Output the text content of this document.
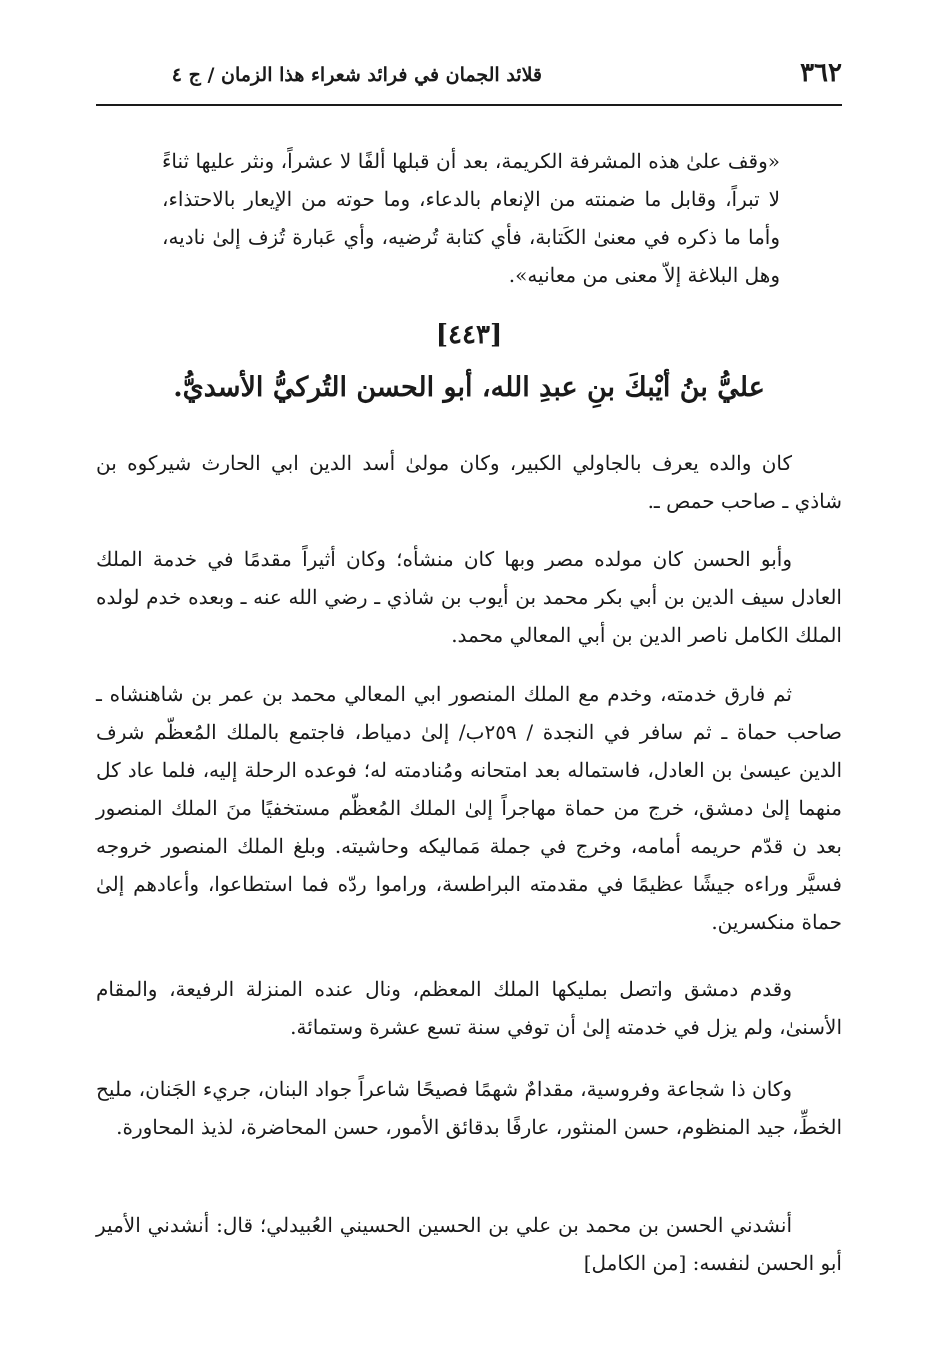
٣٦٢
قلائد الجمان في فرائد شعراء هذا الزمان / ج ٤
«وقف علىٰ هذه المشرفة الكريمة، بعد أن قبلها ألفًا لا عشراً، ونثر عليها ثناءً لا تبراً، وقابل ما ضمنته من الإنعام بالدعاء، وما حوته من الإيعار بالاحتذاء، وأما ما ذكره في معنىٰ الكَتابة، فأي كتابة تُرضيه، وأي عَبارة تُزف إلىٰ ناديه، وهل البلاغة إلاّ معنى من معانيه».
[٤٤٣]
عليُّ بنُ أيْبكَ بنِ عبدِ الله، أبو الحسن التُركيُّ الأسديُّ.
كان والده يعرف بالجاولي الكبير، وكان مولىٰ أسد الدين ابي الحارث شيركوه بن شاذي ـ صاحب حمص ـ.
وأبو الحسن كان مولده مصر وبها كان منشأه؛ وكان أثيراً مقدمًا في خدمة الملك العادل سيف الدين بن أبي بكر محمد بن أيوب بن شاذي ـ رضي الله عنه ـ وبعده خدم لولده الملك الكامل ناصر الدين بن أبي المعالي محمد.
ثم فارق خدمته، وخدم مع الملك المنصور ابي المعالي محمد بن عمر بن شاهنشاه ـ صاحب حماة ـ ثم سافر في النجدة / ٢٥٩ب/ إلىٰ دمياط، فاجتمع بالملك المُعظّم شرف الدين عيسىٰ بن العادل، فاستماله بعد امتحانه ومُنادمته له؛ فوعده الرحلة إليه، فلما عاد كل منهما إلىٰ دمشق، خرج من حماة مهاجراً إلىٰ الملك المُعظّم مستخفيًا منَ الملك المنصور بعد ن قدّم حريمه أمامه، وخرج في جملة مَماليكه وحاشيته. وبلغ الملك المنصور خروجه فسيَّر وراءه جيشًا عظيمًا في مقدمته البراطسة، وراموا ردّه فما استطاعوا، وأعادهم إلىٰ حماة منكسرين.
وقدم دمشق واتصل بمليكها الملك المعظم، ونال عنده المنزلة الرفيعة، والمقام الأسنىٰ، ولم يزل في خدمته إلىٰ أن توفي سنة تسع عشرة وستمائة.
وكان ذا شجاعة وفروسية، مقدامٌ شهمًا فصيحًا شاعراً جواد البنان، جريء الجَنان، مليح الخطِّ، جيد المنظوم، حسن المنثور، عارفًا بدقائق الأمور، حسن المحاضرة، لذيذ المحاورة.
أنشدني الحسن بن محمد بن علي بن الحسين الحسيني العُبيدلي؛ قال: أنشدني الأمير أبو الحسن لنفسه: [من الكامل]
